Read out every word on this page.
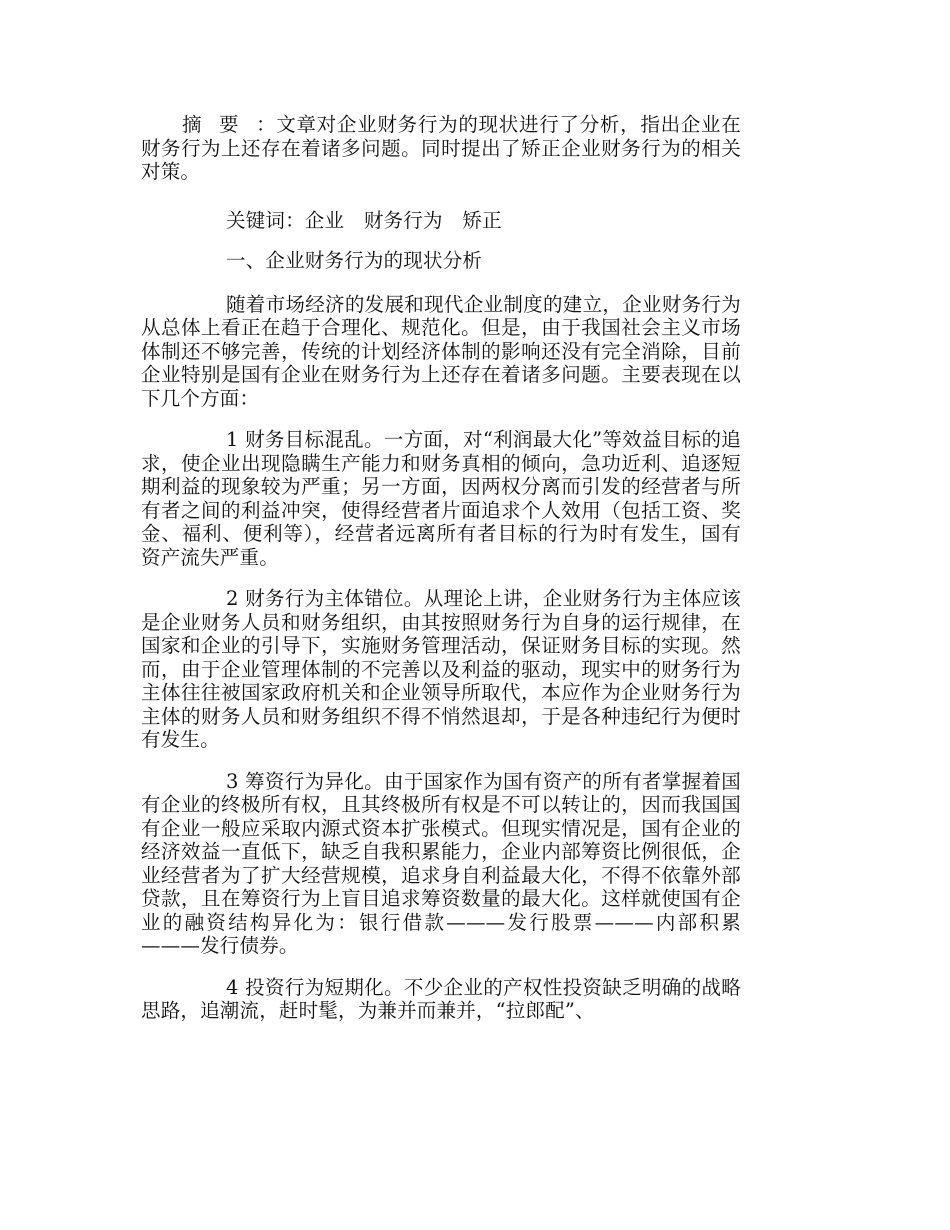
摘要：文章对企业财务行为的现状进行了分析，指出企业在财务行为上还存在着诸多问题。同时提出了矫正企业财务行为的相关对策。

关键词：企业　财务行为　矫正

一、企业财务行为的现状分析

随着市场经济的发展和现代企业制度的建立，企业财务行为从总体上看正在趋于合理化、规范化。但是，由于我国社会主义市场体制还不够完善，传统的计划经济体制的影响还没有完全消除，目前企业特别是国有企业在财务行为上还存在着诸多问题。主要表现在以下几个方面：

1 财务目标混乱。一方面，对“利润最大化”等效益目标的追求，使企业出现隐瞒生产能力和财务真相的倾向，急功近利、追逐短期利益的现象较为严重；另一方面，因两权分离而引发的经营者与所有者之间的利益冲突，使得经营者片面追求个人效用（包括工资、奖金、福利、便利等），经营者远离所有者目标的行为时有发生，国有资产流失严重。

2 财务行为主体错位。从理论上讲，企业财务行为主体应该是企业财务人员和财务组织，由其按照财务行为自身的运行规律，在国家和企业的引导下，实施财务管理活动，保证财务目标的实现。然而，由于企业管理体制的不完善以及利益的驱动，现实中的财务行为主体往往被国家政府机关和企业领导所取代，本应作为企业财务行为主体的财务人员和财务组织不得不悄然退却，于是各种违纪行为便时有发生。

3 筹资行为异化。由于国家作为国有资产的所有者掌握着国有企业的终极所有权，且其终极所有权是不可以转让的，因而我国国有企业一般应采取内源式资本扩张模式。但现实情况是，国有企业的经济效益一直低下，缺乏自我积累能力，企业内部筹资比例很低，企业经营者为了扩大经营规模，追求身自利益最大化，不得不依靠外部贷款，且在筹资行为上盲目追求筹资数量的最大化。这样就使国有企业的融资结构异化为：银行借款———发行股票———内部积累———发行债券。

4 投资行为短期化。不少企业的产权性投资缺乏明确的战略思路，追潮流，赶时髦，为兼并而兼并，“拉郎配”、
